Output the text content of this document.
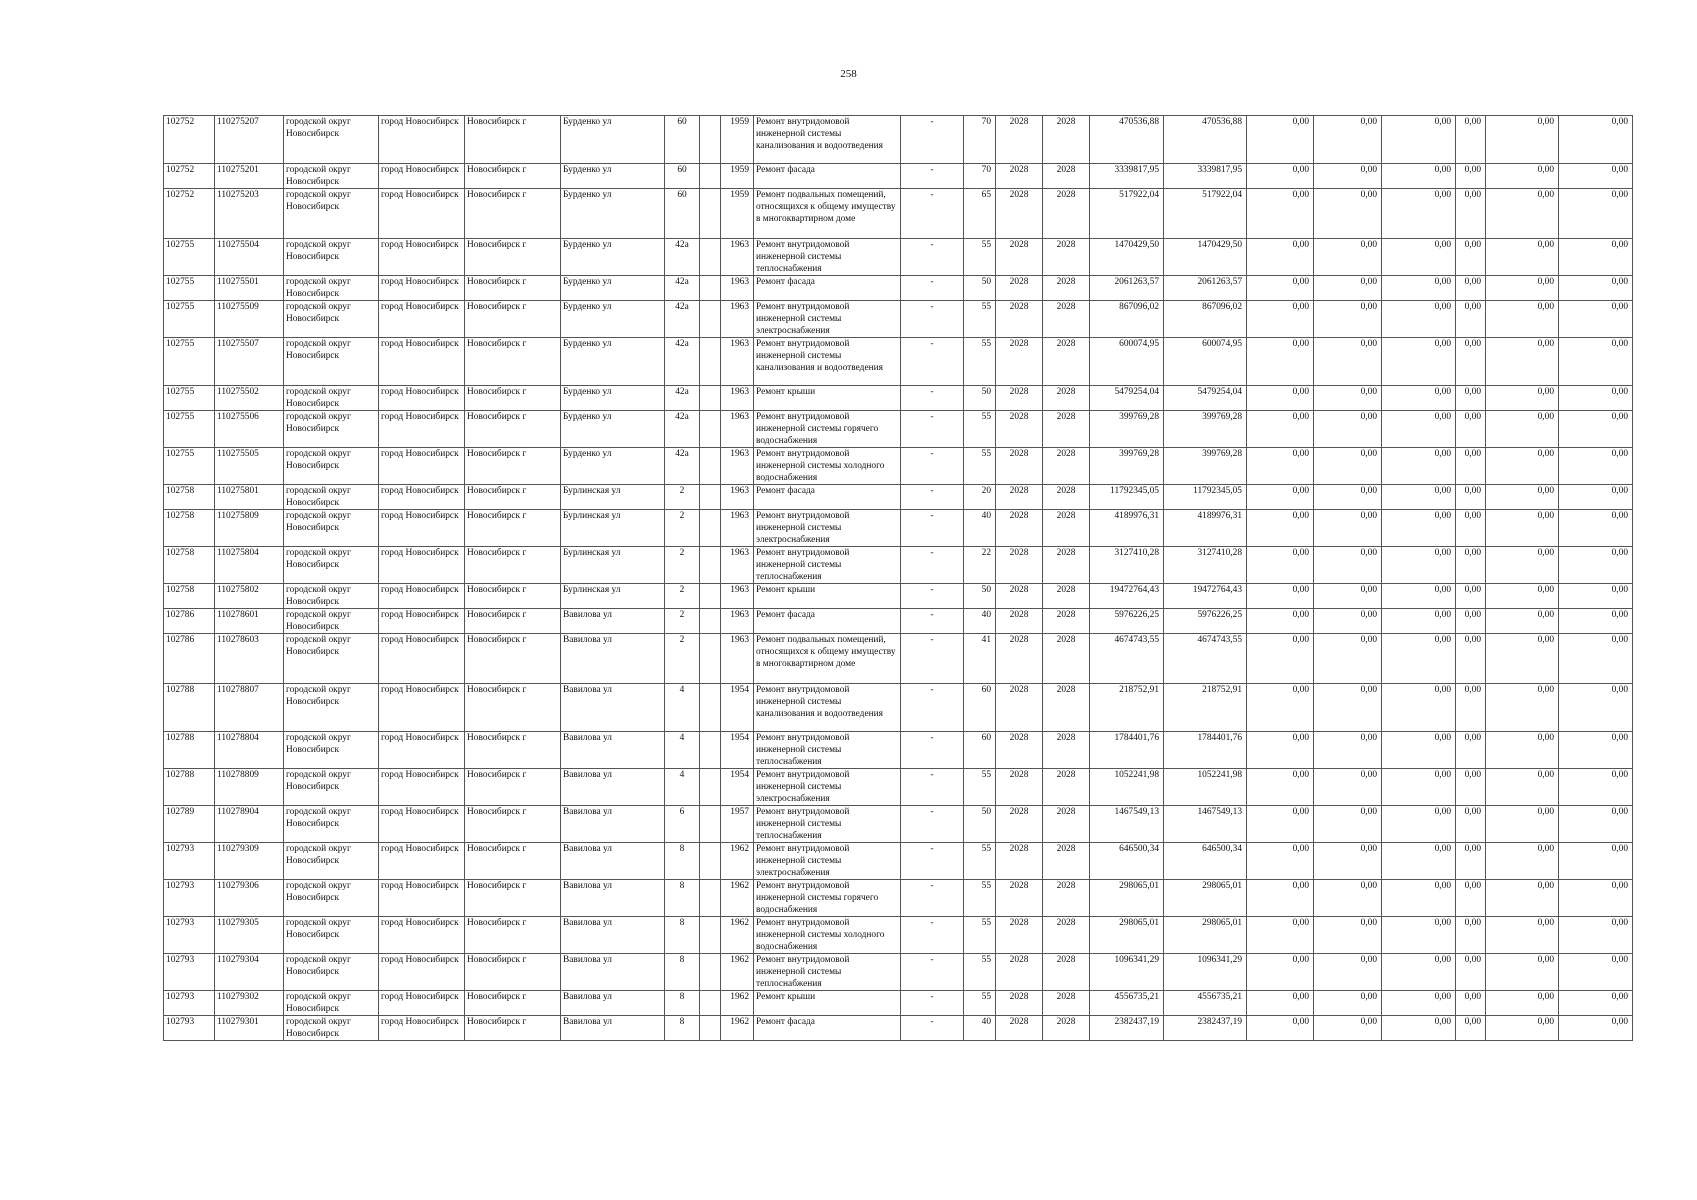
258
102752	110275207	городской округ Новосибирск	город Новосибирск	Новосибирск г	Бурденко ул	60		1959	Ремонт внутридомовой инженерной системы канализования и водоотведения	-	70	2028	2028	470536,88	470536,88	0,00	0,00	0,00	0,00	0,00	0,00
102752	110275201	городской округ Новосибирск	город Новосибирск	Новосибирск г	Бурденко ул	60		1959	Ремонт фасада	-	70	2028	2028	3339817,95	3339817,95	0,00	0,00	0,00	0,00	0,00	0,00
102752	110275203	городской округ Новосибирск	город Новосибирск	Новосибирск г	Бурденко ул	60		1959	Ремонт подвальных помещений, относящихся к общему имуществу в многоквартирном доме	-	65	2028	2028	517922,04	517922,04	0,00	0,00	0,00	0,00	0,00	0,00
102755	110275504	городской округ Новосибирск	город Новосибирск	Новосибирск г	Бурденко ул	42а		1963	Ремонт внутридомовой инженерной системы теплоснабжения	-	55	2028	2028	1470429,50	1470429,50	0,00	0,00	0,00	0,00	0,00	0,00
102755	110275501	городской округ Новосибирск	город Новосибирск	Новосибирск г	Бурденко ул	42а		1963	Ремонт фасада	-	50	2028	2028	2061263,57	2061263,57	0,00	0,00	0,00	0,00	0,00	0,00
102755	110275509	городской округ Новосибирск	город Новосибирск	Новосибирск г	Бурденко ул	42а		1963	Ремонт внутридомовой инженерной системы электроснабжения	-	55	2028	2028	867096,02	867096,02	0,00	0,00	0,00	0,00	0,00	0,00
102755	110275507	городской округ Новосибирск	город Новосибирск	Новосибирск г	Бурденко ул	42а		1963	Ремонт внутридомовой инженерной системы канализования и водоотведения	-	55	2028	2028	600074,95	600074,95	0,00	0,00	0,00	0,00	0,00	0,00
102755	110275502	городской округ Новосибирск	город Новосибирск	Новосибирск г	Бурденко ул	42а		1963	Ремонт крыши	-	50	2028	2028	5479254,04	5479254,04	0,00	0,00	0,00	0,00	0,00	0,00
102755	110275506	городской округ Новосибирск	город Новосибирск	Новосибирск г	Бурденко ул	42а		1963	Ремонт внутридомовой инженерной системы горячего водоснабжения	-	55	2028	2028	399769,28	399769,28	0,00	0,00	0,00	0,00	0,00	0,00
102755	110275505	городской округ Новосибирск	город Новосибирск	Новосибирск г	Бурденко ул	42а		1963	Ремонт внутридомовой инженерной системы холодного водоснабжения	-	55	2028	2028	399769,28	399769,28	0,00	0,00	0,00	0,00	0,00	0,00
102758	110275801	городской округ Новосибирск	город Новосибирск	Новосибирск г	Бурлинская ул	2		1963	Ремонт фасада	-	20	2028	2028	11792345,05	11792345,05	0,00	0,00	0,00	0,00	0,00	0,00
102758	110275809	городской округ Новосибирск	город Новосибирск	Новосибирск г	Бурлинская ул	2		1963	Ремонт внутридомовой инженерной системы электроснабжения	-	40	2028	2028	4189976,31	4189976,31	0,00	0,00	0,00	0,00	0,00	0,00
102758	110275804	городской округ Новосибирск	город Новосибирск	Новосибирск г	Бурлинская ул	2		1963	Ремонт внутридомовой инженерной системы теплоснабжения	-	22	2028	2028	3127410,28	3127410,28	0,00	0,00	0,00	0,00	0,00	0,00
102758	110275802	городской округ Новосибирск	город Новосибирск	Новосибирск г	Бурлинская ул	2		1963	Ремонт крыши	-	50	2028	2028	19472764,43	19472764,43	0,00	0,00	0,00	0,00	0,00	0,00
102786	110278601	городской округ Новосибирск	город Новосибирск	Новосибирск г	Вавилова ул	2		1963	Ремонт фасада	-	40	2028	2028	5976226,25	5976226,25	0,00	0,00	0,00	0,00	0,00	0,00
102786	110278603	городской округ Новосибирск	город Новосибирск	Новосибирск г	Вавилова ул	2		1963	Ремонт подвальных помещений, относящихся к общему имуществу в многоквартирном доме	-	41	2028	2028	4674743,55	4674743,55	0,00	0,00	0,00	0,00	0,00	0,00
102788	110278807	городской округ Новосибирск	город Новосибирск	Новосибирск г	Вавилова ул	4		1954	Ремонт внутридомовой инженерной системы канализования и водоотведения	-	60	2028	2028	218752,91	218752,91	0,00	0,00	0,00	0,00	0,00	0,00
102788	110278804	городской округ Новосибирск	город Новосибирск	Новосибирск г	Вавилова ул	4		1954	Ремонт внутридомовой инженерной системы теплоснабжения	-	60	2028	2028	1784401,76	1784401,76	0,00	0,00	0,00	0,00	0,00	0,00
102788	110278809	городской округ Новосибирск	город Новосибирск	Новосибирск г	Вавилова ул	4		1954	Ремонт внутридомовой инженерной системы электроснабжения	-	55	2028	2028	1052241,98	1052241,98	0,00	0,00	0,00	0,00	0,00	0,00
102789	110278904	городской округ Новосибирск	город Новосибирск	Новосибирск г	Вавилова ул	6		1957	Ремонт внутридомовой инженерной системы теплоснабжения	-	50	2028	2028	1467549,13	1467549,13	0,00	0,00	0,00	0,00	0,00	0,00
102793	110279309	городской округ Новосибирск	город Новосибирск	Новосибирск г	Вавилова ул	8		1962	Ремонт внутридомовой инженерной системы электроснабжения	-	55	2028	2028	646500,34	646500,34	0,00	0,00	0,00	0,00	0,00	0,00
102793	110279306	городской округ Новосибирск	город Новосибирск	Новосибирск г	Вавилова ул	8		1962	Ремонт внутридомовой инженерной системы горячего водоснабжения	-	55	2028	2028	298065,01	298065,01	0,00	0,00	0,00	0,00	0,00	0,00
102793	110279305	городской округ Новосибирск	город Новосибирск	Новосибирск г	Вавилова ул	8		1962	Ремонт внутридомовой инженерной системы холодного водоснабжения	-	55	2028	2028	298065,01	298065,01	0,00	0,00	0,00	0,00	0,00	0,00
102793	110279304	городской округ Новосибирск	город Новосибирск	Новосибирск г	Вавилова ул	8		1962	Ремонт внутридомовой инженерной системы теплоснабжения	-	55	2028	2028	1096341,29	1096341,29	0,00	0,00	0,00	0,00	0,00	0,00
102793	110279302	городской округ Новосибирск	город Новосибирск	Новосибирск г	Вавилова ул	8		1962	Ремонт крыши	-	55	2028	2028	4556735,21	4556735,21	0,00	0,00	0,00	0,00	0,00	0,00
102793	110279301	городской округ Новосибирск	город Новосибирск	Новосибирск г	Вавилова ул	8		1962	Ремонт фасада	-	40	2028	2028	2382437,19	2382437,19	0,00	0,00	0,00	0,00	0,00	0,00
